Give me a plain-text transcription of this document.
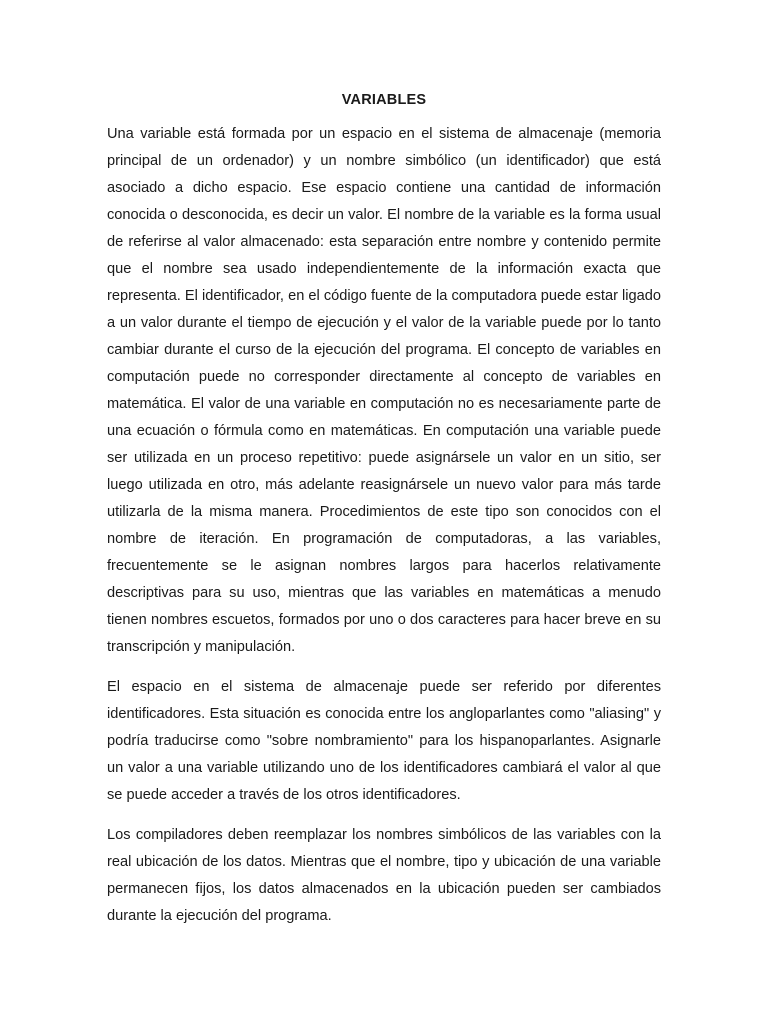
VARIABLES

Una variable está formada por un espacio en el sistema de almacenaje (memoria principal de un ordenador) y un nombre simbólico (un identificador) que está asociado a dicho espacio. Ese espacio contiene una cantidad de información conocida o desconocida, es decir un valor. El nombre de la variable es la forma usual de referirse al valor almacenado: esta separación entre nombre y contenido permite que el nombre sea usado independientemente de la información exacta que representa. El identificador, en el código fuente de la computadora puede estar ligado a un valor durante el tiempo de ejecución y el valor de la variable puede por lo tanto cambiar durante el curso de la ejecución del programa. El concepto de variables en computación puede no corresponder directamente al concepto de variables en matemática. El valor de una variable en computación no es necesariamente parte de una ecuación o fórmula como en matemáticas. En computación una variable puede ser utilizada en un proceso repetitivo: puede asignársele un valor en un sitio, ser luego utilizada en otro, más adelante reasignársele un nuevo valor para más tarde utilizarla de la misma manera. Procedimientos de este tipo son conocidos con el nombre de iteración. En programación de computadoras, a las variables, frecuentemente se le asignan nombres largos para hacerlos relativamente descriptivas para su uso, mientras que las variables en matemáticas a menudo tienen nombres escuetos, formados por uno o dos caracteres para hacer breve en su transcripción y manipulación.

El espacio en el sistema de almacenaje puede ser referido por diferentes identificadores. Esta situación es conocida entre los angloparlantes como "aliasing" y podría traducirse como "sobre nombramiento" para los hispanoparlantes. Asignarle un valor a una variable utilizando uno de los identificadores cambiará el valor al que se puede acceder a través de los otros identificadores.

Los compiladores deben reemplazar los nombres simbólicos de las variables con la real ubicación de los datos. Mientras que el nombre, tipo y ubicación de una variable permanecen fijos, los datos almacenados en la ubicación pueden ser cambiados durante la ejecución del programa.
